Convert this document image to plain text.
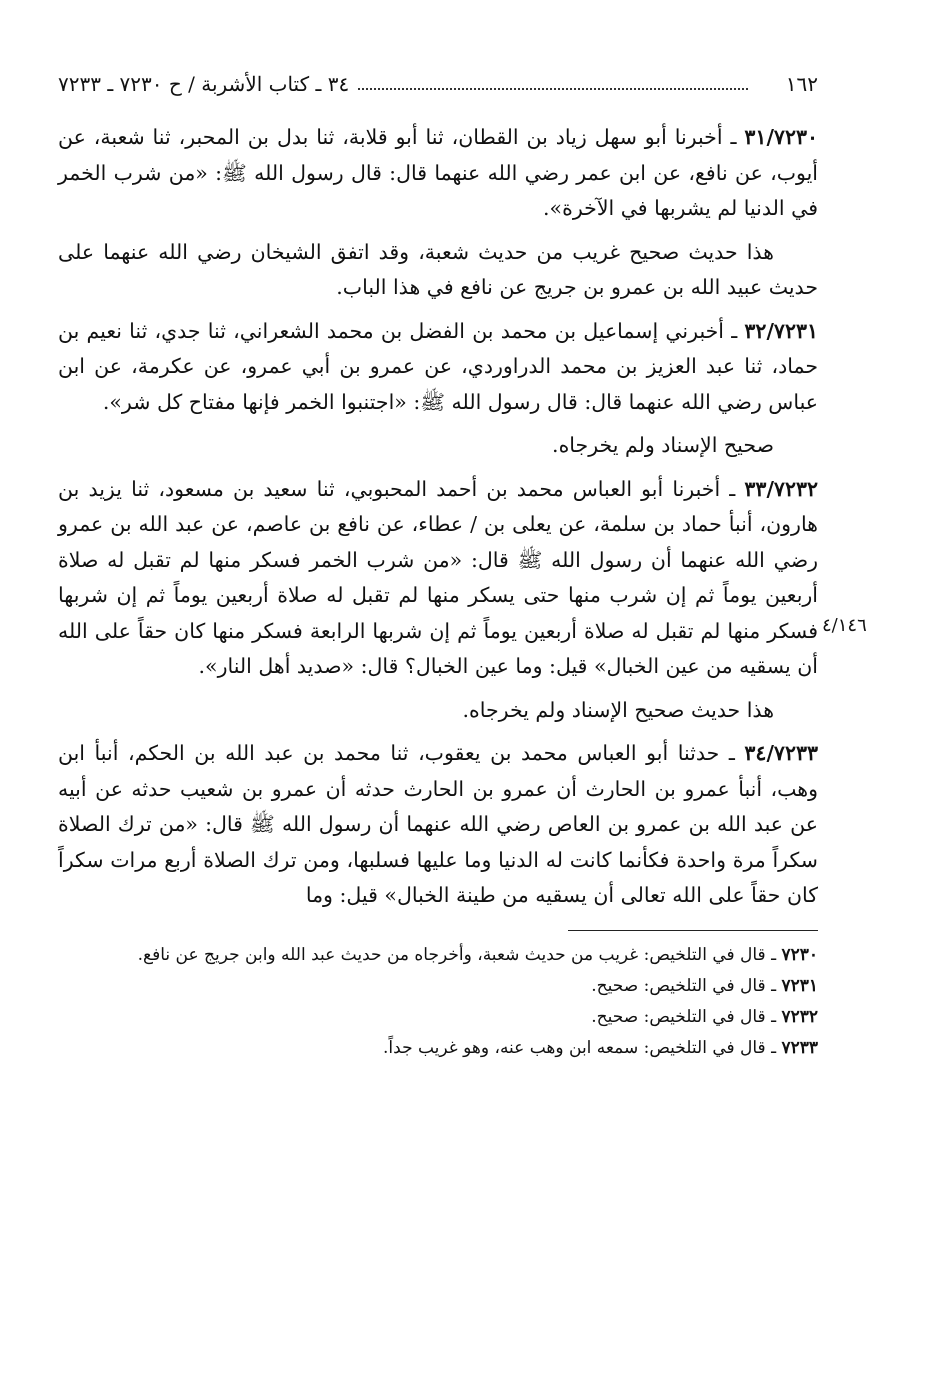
١٦٢
٣٤ ـ كتاب الأشربة / ح ٧٢٣٠ ـ ٧٢٣٣
٤/١٤٦

٣١/٧٢٣٠ ـ أخبرنا أبو سهل زياد بن القطان، ثنا أبو قلابة، ثنا بدل بن المحبر، ثنا شعبة، عن أيوب، عن نافع، عن ابن عمر رضي الله عنهما قال: قال رسول الله ﷺ: «من شرب الخمر في الدنيا لم يشربها في الآخرة».

هذا حديث صحيح غريب من حديث شعبة، وقد اتفق الشيخان رضي الله عنهما على حديث عبيد الله بن عمرو بن جريج عن نافع في هذا الباب.

٣٢/٧٢٣١ ـ أخبرني إسماعيل بن محمد بن الفضل بن محمد الشعراني، ثنا جدي، ثنا نعيم بن حماد، ثنا عبد العزيز بن محمد الدراوردي، عن عمرو بن أبي عمرو، عن عكرمة، عن ابن عباس رضي الله عنهما قال: قال رسول الله ﷺ: «اجتنبوا الخمر فإنها مفتاح كل شر».

صحيح الإسناد ولم يخرجاه.

٣٣/٧٢٣٢ ـ أخبرنا أبو العباس محمد بن أحمد المحبوبي، ثنا سعيد بن مسعود، ثنا يزيد بن هارون، أنبأ حماد بن سلمة، عن يعلى بن / عطاء، عن نافع بن عاصم، عن عبد الله بن عمرو رضي الله عنهما أن رسول الله ﷺ قال: «من شرب الخمر فسكر منها لم تقبل له صلاة أربعين يوماً ثم إن شرب منها حتى يسكر منها لم تقبل له صلاة أربعين يوماً ثم إن شربها فسكر منها لم تقبل له صلاة أربعين يوماً ثم إن شربها الرابعة فسكر منها كان حقاً على الله أن يسقيه من عين الخبال» قيل: وما عين الخبال؟ قال: «صديد أهل النار».

هذا حديث صحيح الإسناد ولم يخرجاه.

٣٤/٧٢٣٣ ـ حدثنا أبو العباس محمد بن يعقوب، ثنا محمد بن عبد الله بن الحكم، أنبأ ابن وهب، أنبأ عمرو بن الحارث أن عمرو بن الحارث حدثه أن عمرو بن شعيب حدثه عن أبيه عن عبد الله بن عمرو بن العاص رضي الله عنهما أن رسول الله ﷺ قال: «من ترك الصلاة سكراً مرة واحدة فكأنما كانت له الدنيا وما عليها فسلبها، ومن ترك الصلاة أربع مرات سكراً كان حقاً على الله تعالى أن يسقيه من طينة الخبال» قيل: وما

٧٢٣٠ ـ قال في التلخيص: غريب من حديث شعبة، وأخرجاه من حديث عبد الله وابن جريج عن نافع.

٧٢٣١ ـ قال في التلخيص: صحيح.

٧٢٣٢ ـ قال في التلخيص: صحيح.

٧٢٣٣ ـ قال في التلخيص: سمعه ابن وهب عنه، وهو غريب جداً.
